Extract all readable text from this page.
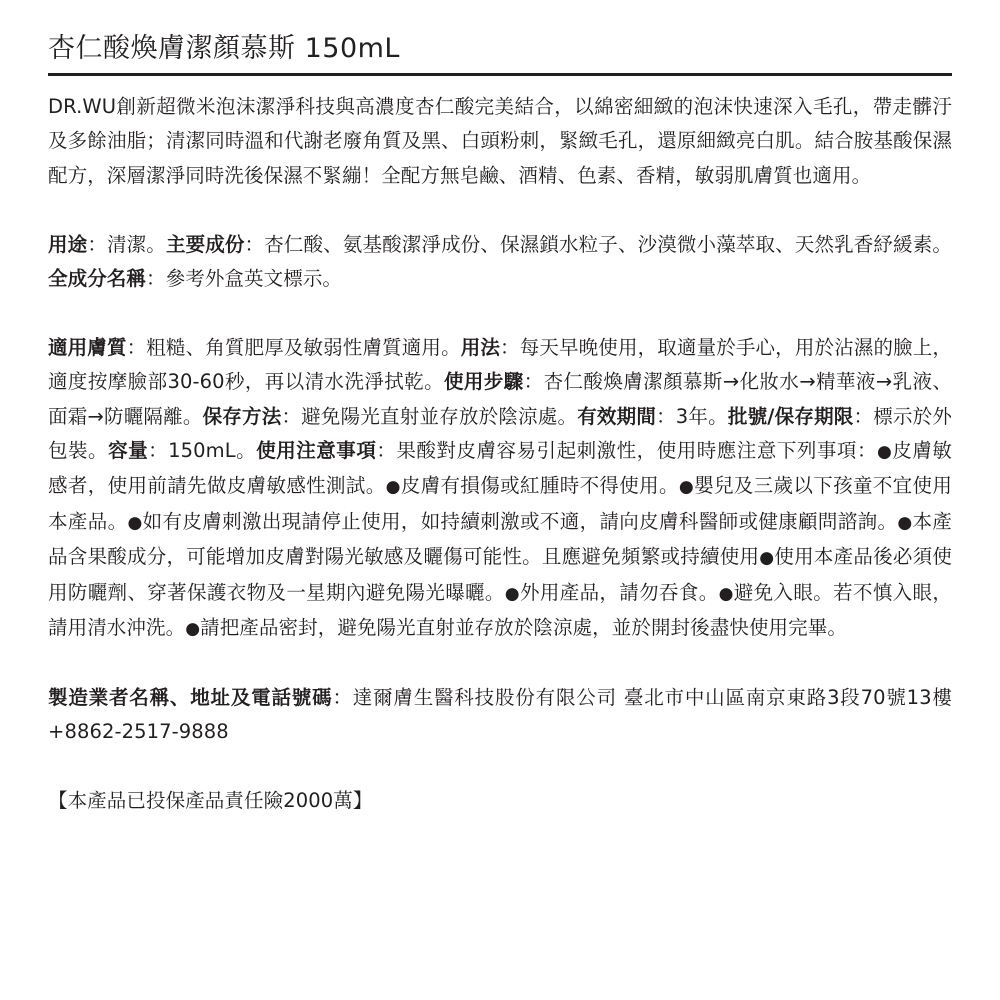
杏仁酸煥膚潔顏慕斯 150mL

DR.WU創新超微米泡沫潔淨科技與高濃度杏仁酸完美結合，以綿密細緻的泡沫快速深入毛孔，帶走髒汙及多餘油脂；清潔同時溫和代謝老廢角質及黑、白頭粉刺，緊緻毛孔，還原細緻亮白肌。結合胺基酸保濕配方，深層潔淨同時洗後保濕不緊繃！全配方無皂鹼、酒精、色素、香精，敏弱肌膚質也適用。

用途：清潔。主要成份：杏仁酸、氨基酸潔淨成份、保濕鎖水粒子、沙漠微小藻萃取、天然乳香紓緩素。全成分名稱：參考外盒英文標示。

適用膚質：粗糙、角質肥厚及敏弱性膚質適用。用法：每天早晚使用，取適量於手心，用於沾濕的臉上，適度按摩臉部30-60秒，再以清水洗淨拭乾。使用步驟：杏仁酸煥膚潔顏慕斯→化妝水→精華液→乳液、面霜→防曬隔離。保存方法：避免陽光直射並存放於陰涼處。有效期間：3年。批號/保存期限：標示於外包裝。容量：150mL。使用注意事項：果酸對皮膚容易引起刺激性，使用時應注意下列事項：●皮膚敏感者，使用前請先做皮膚敏感性測試。●皮膚有損傷或紅腫時不得使用。●嬰兒及三歲以下孩童不宜使用本產品。●如有皮膚刺激出現請停止使用，如持續刺激或不適，請向皮膚科醫師或健康顧問諮詢。●本產品含果酸成分，可能增加皮膚對陽光敏感及曬傷可能性。且應避免頻繁或持續使用●使用本產品後必須使用防曬劑、穿著保護衣物及一星期內避免陽光曝曬。●外用產品，請勿吞食。●避免入眼。若不慎入眼，請用清水沖洗。●請把產品密封，避免陽光直射並存放於陰涼處，並於開封後盡快使用完畢。

製造業者名稱、地址及電話號碼：達爾膚生醫科技股份有限公司 臺北市中山區南京東路3段70號13樓 +8862-2517-9888

【本產品已投保產品責任險2000萬】
